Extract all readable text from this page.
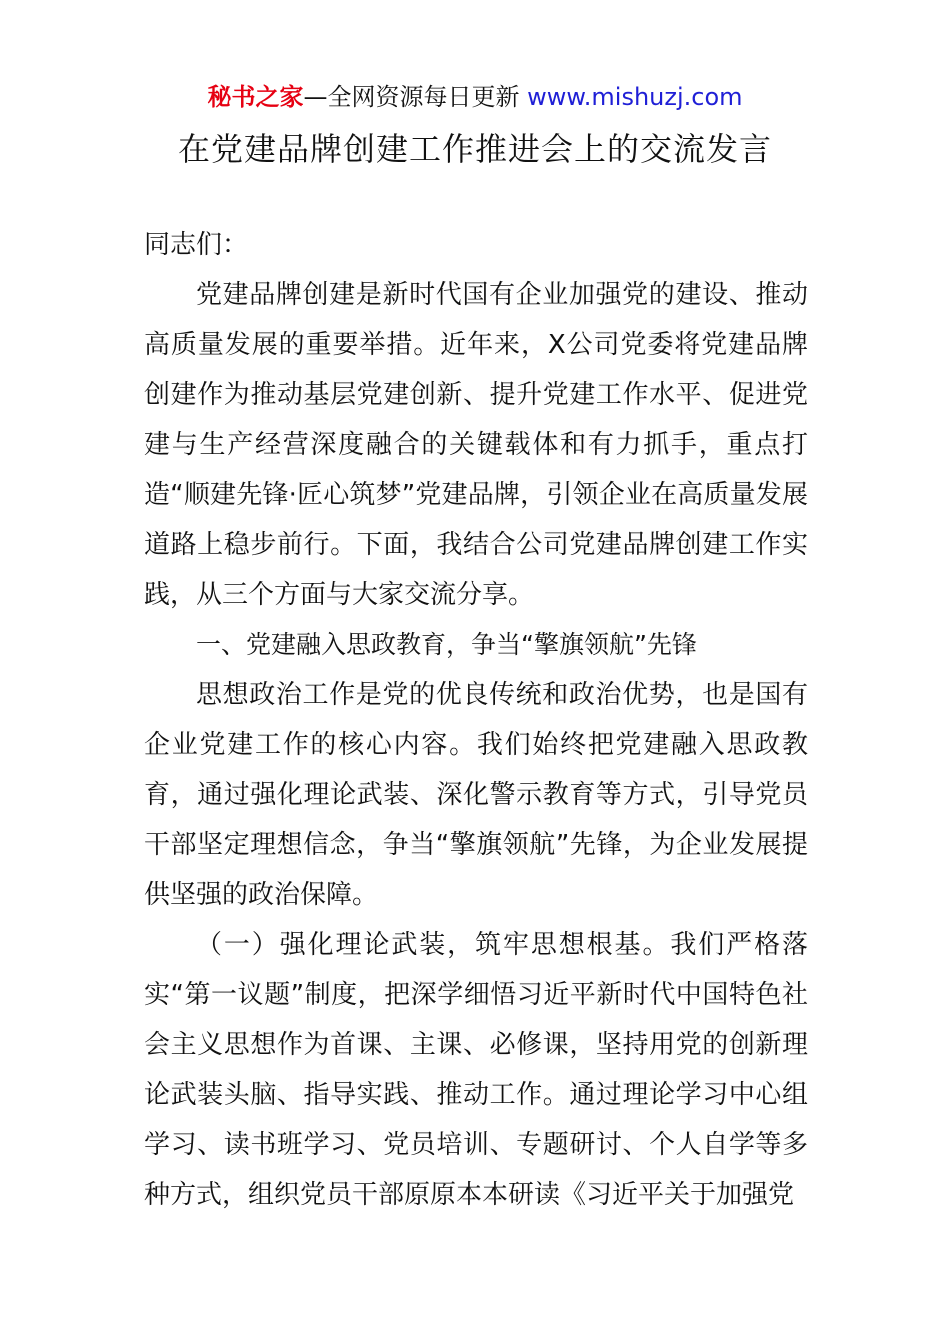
秘书之家—全网资源每日更新 www.mishuzj.com
在党建品牌创建工作推进会上的交流发言

同志们：

党建品牌创建是新时代国有企业加强党的建设、推动高质量发展的重要举措。近年来，X公司党委将党建品牌创建作为推动基层党建创新、提升党建工作水平、促进党建与生产经营深度融合的关键载体和有力抓手，重点打造“顺建先锋·匠心筑梦”党建品牌，引领企业在高质量发展道路上稳步前行。下面，我结合公司党建品牌创建工作实践，从三个方面与大家交流分享。

一、党建融入思政教育，争当“擎旗领航”先锋

思想政治工作是党的优良传统和政治优势，也是国有企业党建工作的核心内容。我们始终把党建融入思政教育，通过强化理论武装、深化警示教育等方式，引导党员干部坚定理想信念，争当“擎旗领航”先锋，为企业发展提供坚强的政治保障。

（一）强化理论武装，筑牢思想根基。我们严格落实“第一议题”制度，把深学细悟习近平新时代中国特色社会主义思想作为首课、主课、必修课，坚持用党的创新理论武装头脑、指导实践、推动工作。通过理论学习中心组学习、读书班学习、党员培训、专题研讨、个人自学等多种方式，组织党员干部原原本本研读《习近平关于加强党
